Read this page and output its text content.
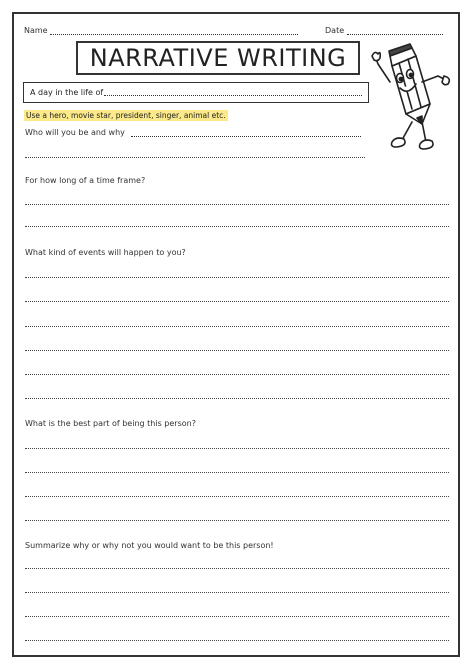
Name	Date
NARRATIVE WRITING
A day in the life of
Use a hero, movie star, president, singer, animal etc.
Who will you be and why
For how long of a time frame?
What kind of events will happen to you?
What is the best part of being this person?
Summarize why or why not you would want to be this person!
